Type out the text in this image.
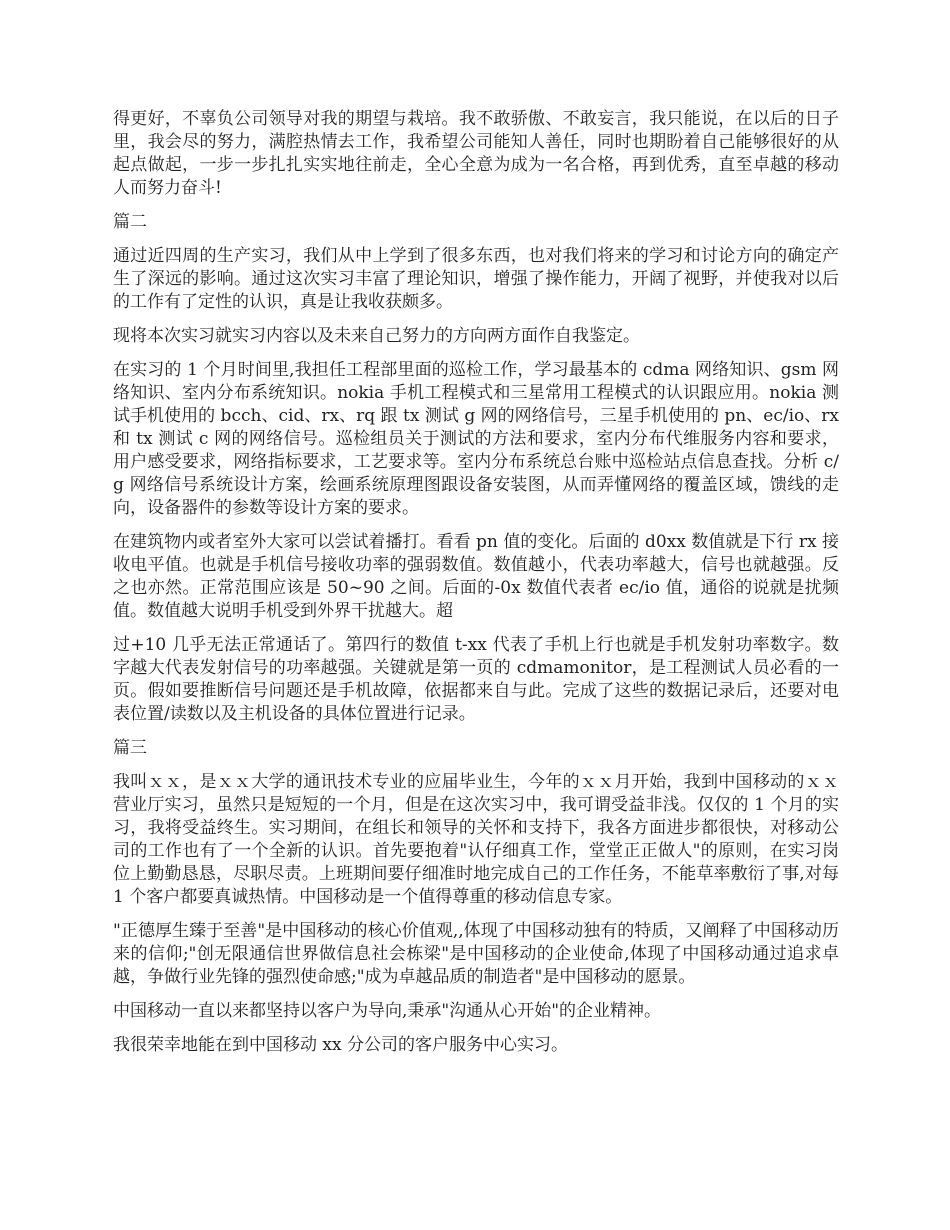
得更好，不辜负公司领导对我的期望与栽培。我不敢骄傲、不敢妄言，我只能说，在以后的日子里，我会尽的努力，满腔热情去工作，我希望公司能知人善任，同时也期盼着自己能够很好的从起点做起，一步一步扎扎实实地往前走，全心全意为成为一名合格，再到优秀，直至卓越的移动人而努力奋斗!

篇二

通过近四周的生产实习，我们从中上学到了很多东西，也对我们将来的学习和讨论方向的确定产生了深远的影响。通过这次实习丰富了理论知识，增强了操作能力，开阔了视野，并使我对以后的工作有了定性的认识，真是让我收获颇多。

现将本次实习就实习内容以及未来自己努力的方向两方面作自我鉴定。

在实习的 1 个月时间里,我担任工程部里面的巡检工作，学习最基本的 cdma 网络知识、gsm 网络知识、室内分布系统知识。nokia 手机工程模式和三星常用工程模式的认识跟应用。nokia 测试手机使用的 bcch、cid、rx、rq 跟 tx 测试 g 网的网络信号，三星手机使用的 pn、ec/io、rx 和 tx 测试 c 网的网络信号。巡检组员关于测试的方法和要求，室内分布代维服务内容和要求，用户感受要求，网络指标要求，工艺要求等。室内分布系统总台账中巡检站点信息查找。分析 c/g 网络信号系统设计方案，绘画系统原理图跟设备安装图，从而弄懂网络的覆盖区域，馈线的走向，设备器件的参数等设计方案的要求。

在建筑物内或者室外大家可以尝试着播打。看看 pn 值的变化。后面的 d0xx 数值就是下行 rx 接收电平值。也就是手机信号接收功率的强弱数值。数值越小，代表功率越大，信号也就越强。反之也亦然。正常范围应该是 50~90 之间。后面的-0x 数值代表者 ec/io 值，通俗的说就是扰频值。数值越大说明手机受到外界干扰越大。超

过+10 几乎无法正常通话了。第四行的数值 t-xx 代表了手机上行也就是手机发射功率数字。数字越大代表发射信号的功率越强。关键就是第一页的 cdmamonitor，是工程测试人员必看的一页。假如要推断信号问题还是手机故障，依据都来自与此。完成了这些的数据记录后，还要对电表位置/读数以及主机设备的具体位置进行记录。

篇三

我叫ｘｘ，是ｘｘ大学的通讯技术专业的应届毕业生，今年的ｘｘ月开始，我到中国移动的ｘｘ营业厅实习，虽然只是短短的一个月，但是在这次实习中，我可谓受益非浅。仅仅的 1 个月的实习，我将受益终生。实习期间，在组长和领导的关怀和支持下，我各方面进步都很快，对移动公司的工作也有了一个全新的认识。首先要抱着"认仔细真工作，堂堂正正做人"的原则，在实习岗位上勤勤恳恳，尽职尽责。上班期间要仔细准时地完成自己的工作任务，不能草率敷衍了事,对每 1 个客户都要真诚热情。中国移动是一个值得尊重的移动信息专家。

"正德厚生臻于至善"是中国移动的核心价值观,,体现了中国移动独有的特质，又阐释了中国移动历来的信仰;"创无限通信世界做信息社会栋梁"是中国移动的企业使命,体现了中国移动通过追求卓越，争做行业先锋的强烈使命感;"成为卓越品质的制造者"是中国移动的愿景。

中国移动一直以来都坚持以客户为导向,秉承"沟通从心开始"的企业精神。

我很荣幸地能在到中国移动 xx 分公司的客户服务中心实习。
